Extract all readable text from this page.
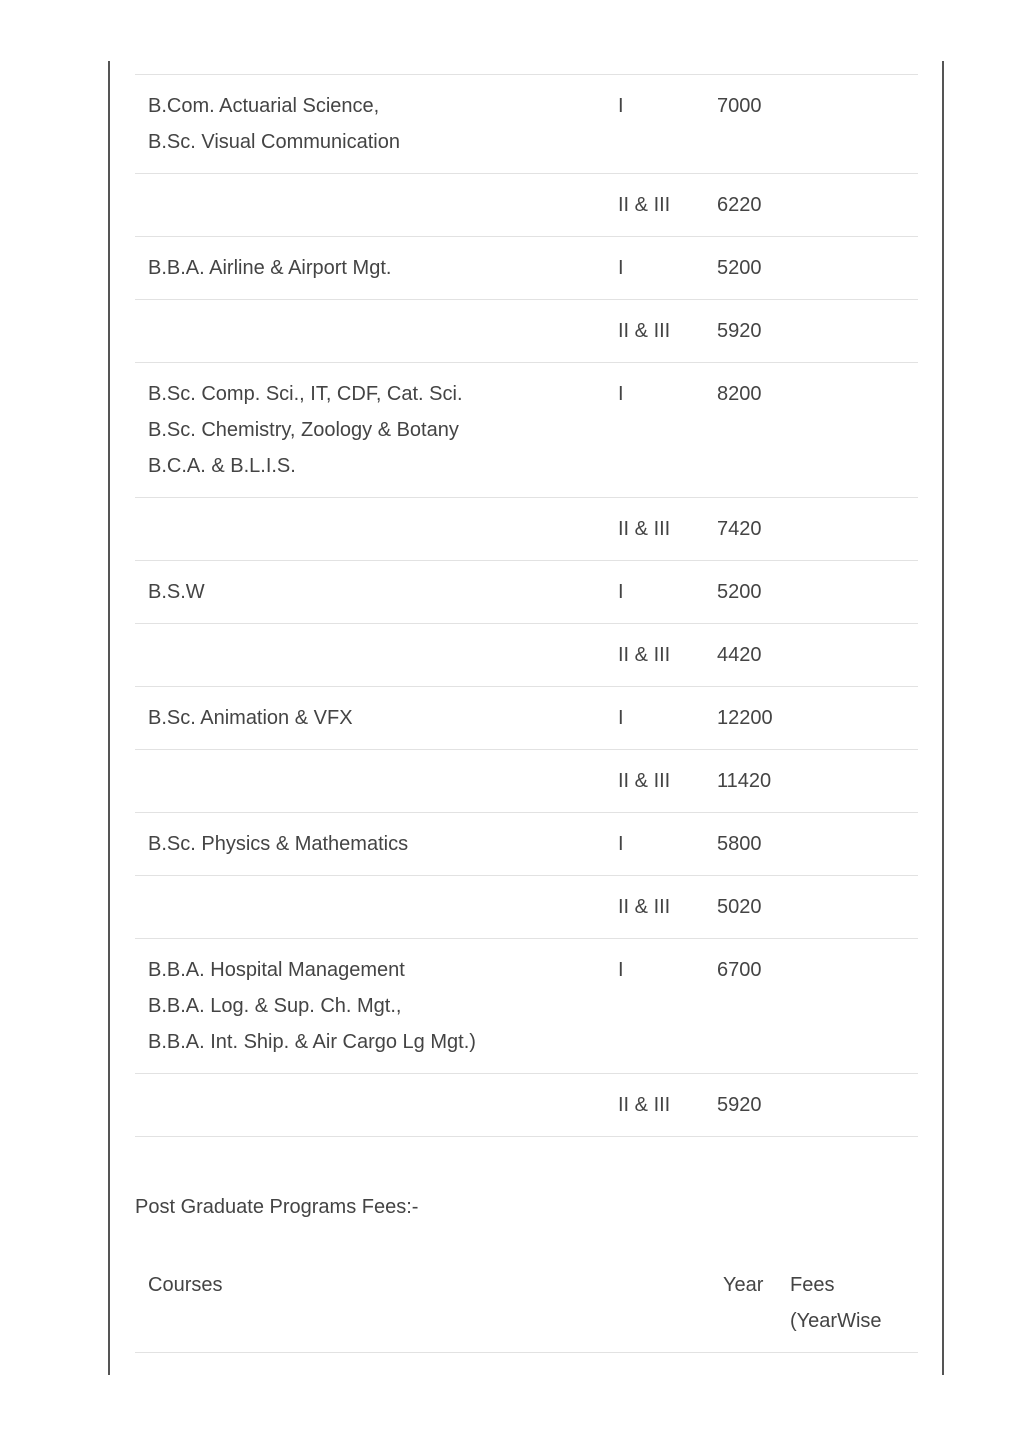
B.Com. Actuarial Science,
B.Sc. Visual Communication	I	7000
	II & III	6220

B.B.A. Airline & Airport Mgt.	I	5200
	II & III	5920

B.Sc. Comp. Sci., IT, CDF, Cat. Sci.
B.Sc. Chemistry, Zoology & Botany
B.C.A. & B.L.I.S.	I	8200
	II & III	7420

B.S.W	I	5200
	II & III	4420

B.Sc. Animation & VFX	I	12200
	II & III	11420

B.Sc. Physics & Mathematics	I	5800
	II & III	5020

B.B.A. Hospital Management
B.B.A. Log. & Sup. Ch. Mgt.,
B.B.A. Int. Ship. & Air Cargo Lg Mgt.)	I	6700
	II & III	5920
Post Graduate Programs Fees:-
Courses	Year	Fees
(YearWise
